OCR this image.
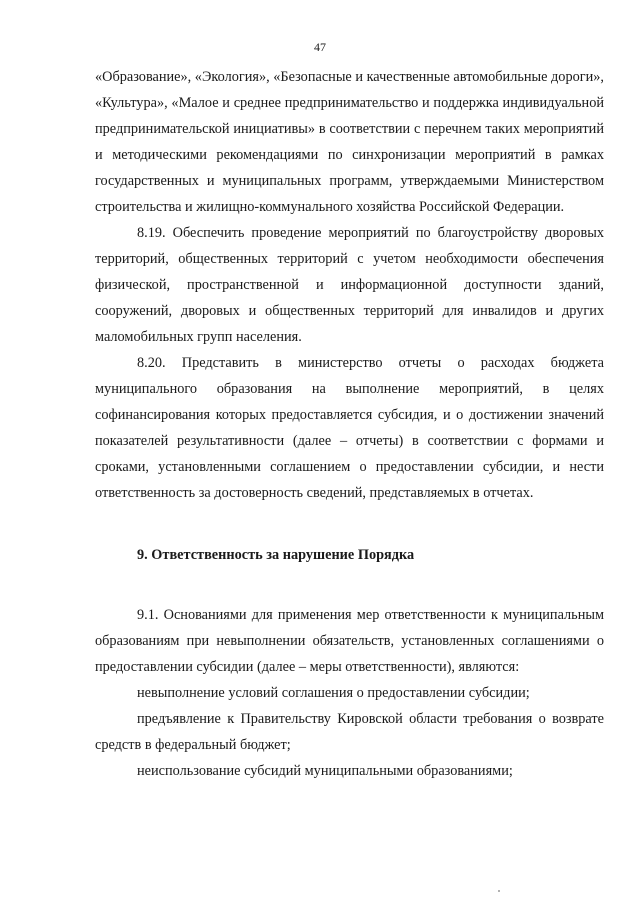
47

«Образование», «Экология», «Безопасные и качественные автомобильные дороги», «Культура», «Малое и среднее предпринимательство и поддержка индивидуальной предпринимательской инициативы» в соответствии с перечнем таких мероприятий и методическими рекомендациями по синхронизации мероприятий в рамках государственных и муниципальных программ, утверждаемыми Министерством строительства и жилищно-коммунального хозяйства Российской Федерации.

8.19. Обеспечить проведение мероприятий по благоустройству дворовых территорий, общественных территорий с учетом необходимости обеспечения физической, пространственной и информационной доступности зданий, сооружений, дворовых и общественных территорий для инвалидов и других маломобильных групп населения.

8.20. Представить в министерство отчеты о расходах бюджета муниципального образования на выполнение мероприятий, в целях софинансирования которых предоставляется субсидия, и о достижении значений показателей результативности (далее – отчеты) в соответствии с формами и сроками, установленными соглашением о предоставлении субсидии, и нести ответственность за достоверность сведений, представляемых в отчетах.

9. Ответственность за нарушение Порядка

9.1. Основаниями для применения мер ответственности к муниципальным образованиям при невыполнении обязательств, установленных соглашениями о предоставлении субсидии (далее – меры ответственности), являются:

невыполнение условий соглашения о предоставлении субсидии;

предъявление к Правительству Кировской области требования о возврате средств в федеральный бюджет;

неиспользование субсидий муниципальными образованиями;
